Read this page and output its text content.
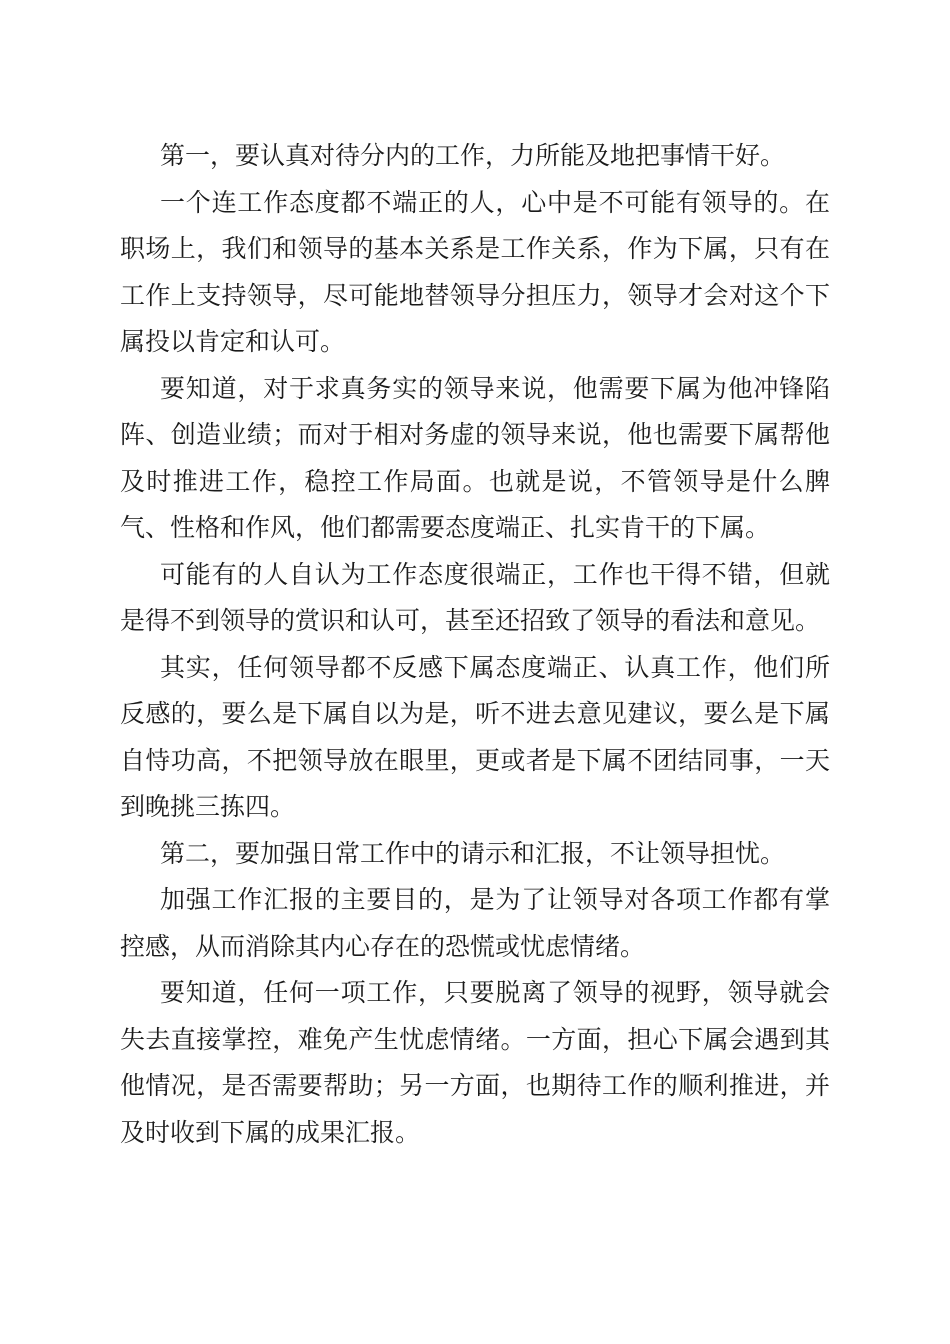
第一，要认真对待分内的工作，力所能及地把事情干好。

一个连工作态度都不端正的人，心中是不可能有领导的。在职场上，我们和领导的基本关系是工作关系，作为下属，只有在工作上支持领导，尽可能地替领导分担压力，领导才会对这个下属投以肯定和认可。

要知道，对于求真务实的领导来说，他需要下属为他冲锋陷阵、创造业绩；而对于相对务虚的领导来说，他也需要下属帮他及时推进工作，稳控工作局面。也就是说，不管领导是什么脾气、性格和作风，他们都需要态度端正、扎实肯干的下属。

可能有的人自认为工作态度很端正，工作也干得不错，但就是得不到领导的赏识和认可，甚至还招致了领导的看法和意见。

其实，任何领导都不反感下属态度端正、认真工作，他们所反感的，要么是下属自以为是，听不进去意见建议，要么是下属自恃功高，不把领导放在眼里，更或者是下属不团结同事，一天到晚挑三拣四。

第二，要加强日常工作中的请示和汇报，不让领导担忧。

加强工作汇报的主要目的，是为了让领导对各项工作都有掌控感，从而消除其内心存在的恐慌或忧虑情绪。

要知道，任何一项工作，只要脱离了领导的视野，领导就会失去直接掌控，难免产生忧虑情绪。一方面，担心下属会遇到其他情况，是否需要帮助；另一方面，也期待工作的顺利推进，并及时收到下属的成果汇报。
